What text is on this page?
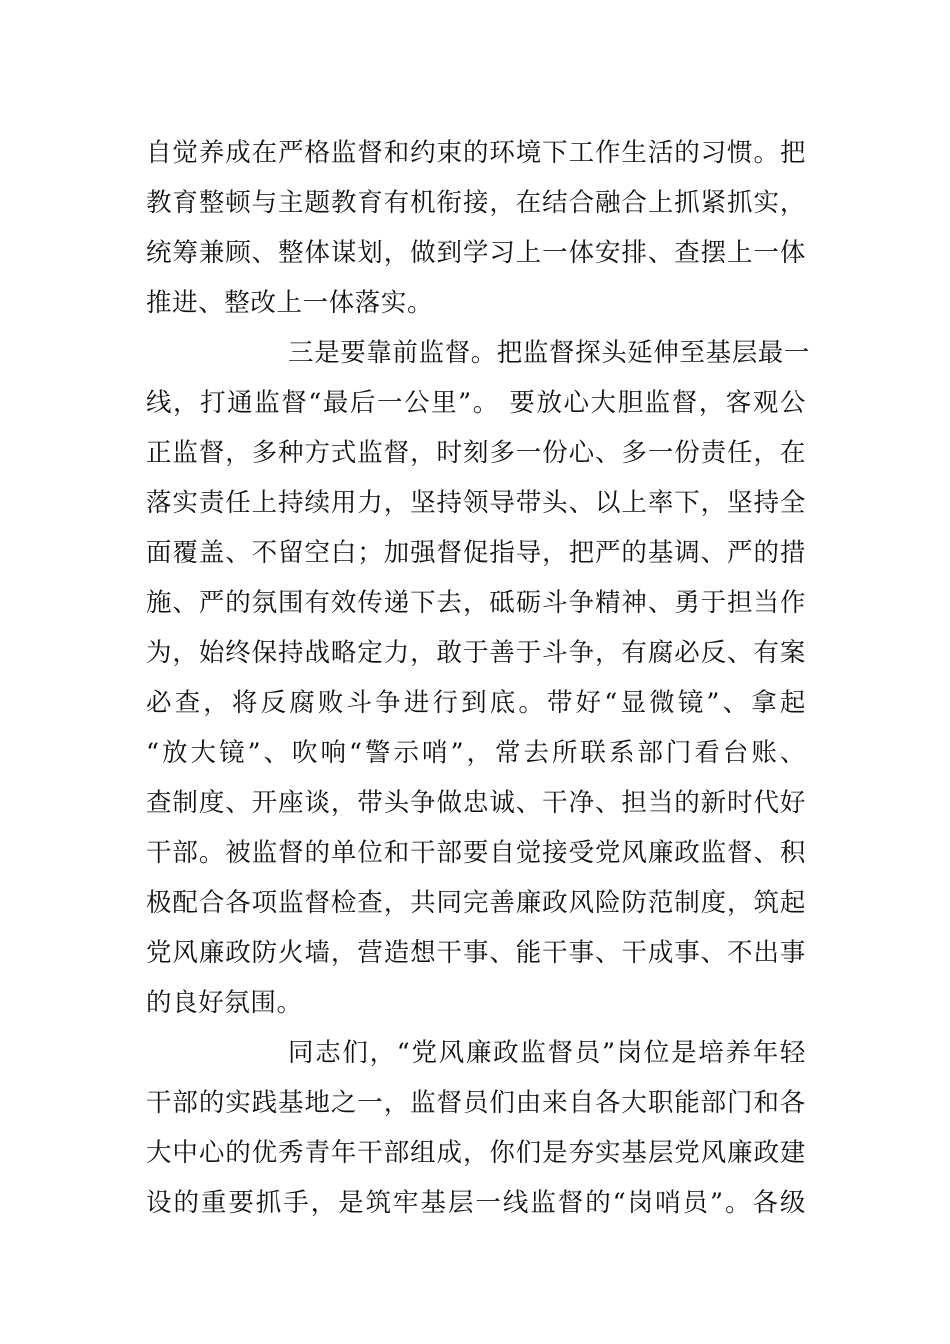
自觉养成在严格监督和约束的环境下工作生活的习惯。把
教育整顿与主题教育有机衔接，在结合融合上抓紧抓实，
统筹兼顾、整体谋划，做到学习上一体安排、查摆上一体
推进、整改上一体落实。
三是要靠前监督。把监督探头延伸至基层最一
线，打通监督“最后一公里”。 要放心大胆监督，客观公
正监督，多种方式监督，时刻多一份心、多一份责任，在
落实责任上持续用力，坚持领导带头、以上率下，坚持全
面覆盖、不留空白；加强督促指导，把严的基调、严的措
施、严的氛围有效传递下去，砥砺斗争精神、勇于担当作
为，始终保持战略定力，敢于善于斗争，有腐必反、有案
必查，将反腐败斗争进行到底。带好“显微镜”、拿起
“放大镜”、吹响“警示哨”，常去所联系部门看台账、
查制度、开座谈，带头争做忠诚、干净、担当的新时代好
干部。被监督的单位和干部要自觉接受党风廉政监督、积
极配合各项监督检查，共同完善廉政风险防范制度，筑起
党风廉政防火墙，营造想干事、能干事、干成事、不出事
的良好氛围。
同志们，“党风廉政监督员”岗位是培养年轻
干部的实践基地之一，监督员们由来自各大职能部门和各
大中心的优秀青年干部组成，你们是夯实基层党风廉政建
设的重要抓手，是筑牢基层一线监督的“岗哨员”。各级
